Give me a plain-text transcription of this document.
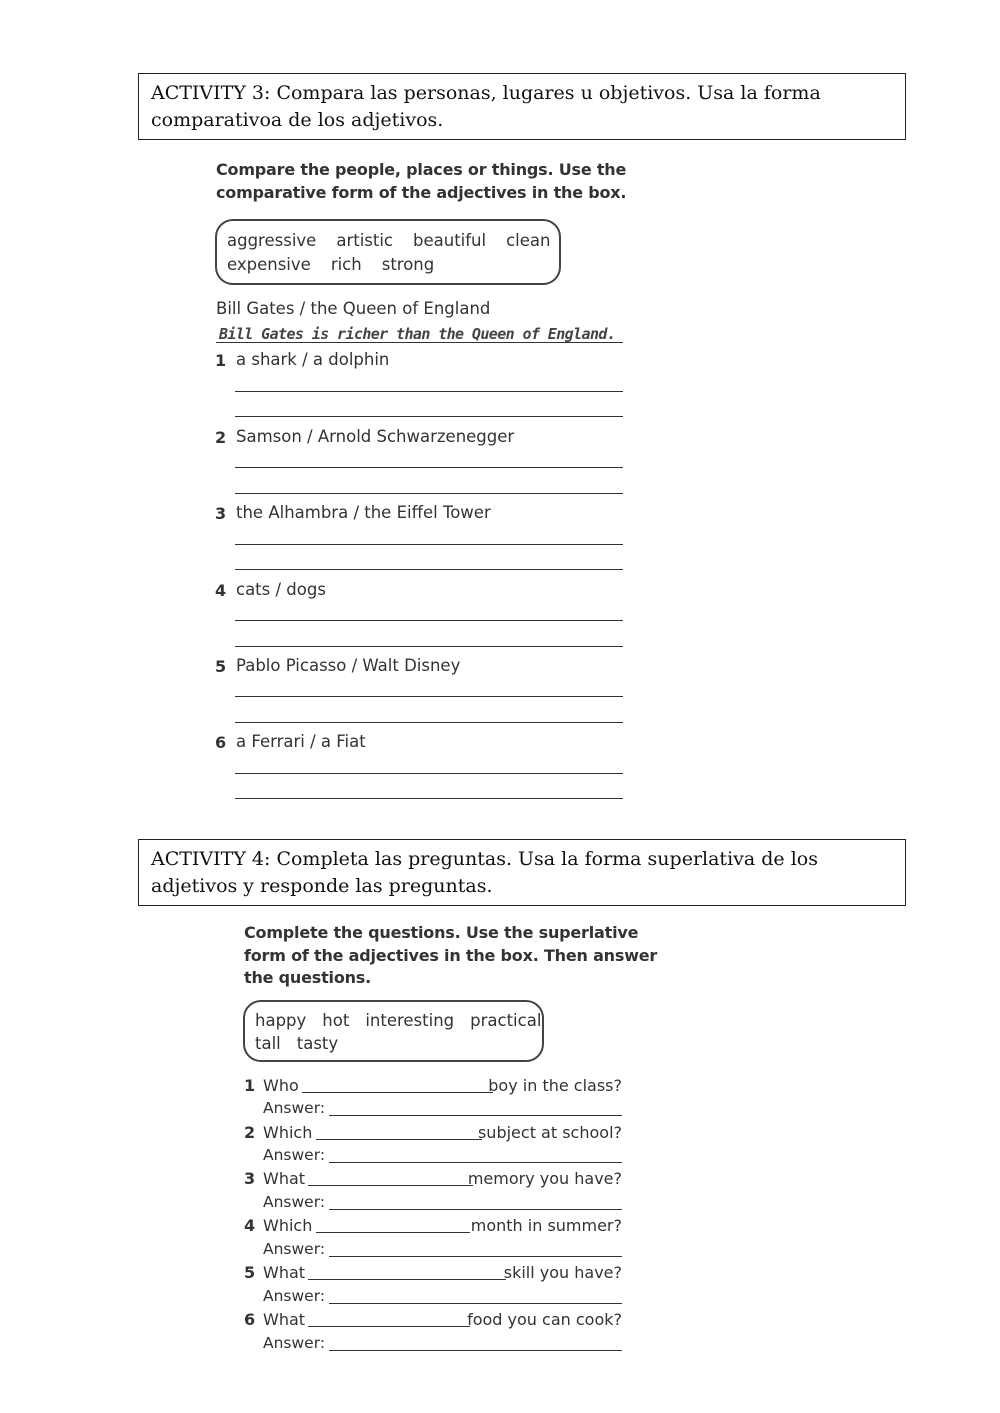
ACTIVITY 3: Compara las personas, lugares u objetivos. Usa la forma

comparativoa de los adjetivos.

Compare the people, places or things. Use the
comparative form of the adjectives in the box.
aggressive artistic beautiful clean
expensive rich strong
Bill Gates / the Queen of England
Bill Gates is richer than the Queen of England.
1 a shark / a dolphin
2 Samson / Arnold Schwarzenegger
3 the Alhambra / the Eiffel Tower
4 cats / dogs
5 Pablo Picasso / Walt Disney
6 a Ferrari / a Fiat

ACTIVITY 4: Completa las preguntas. Usa la forma superlativa de los

adjetivos y responde las preguntas.

Complete the questions. Use the superlative
form of the adjectives in the box. Then answer
the questions.
happy hot interesting practical
tall tasty
1 Who	boy in the class?
Answer:
2 Which	subject at school?
Answer:
3 What	memory you have?
Answer:
4 Which	month in summer?
Answer:
5 What	skill you have?
Answer:
6 What	food you can cook?
Answer:
